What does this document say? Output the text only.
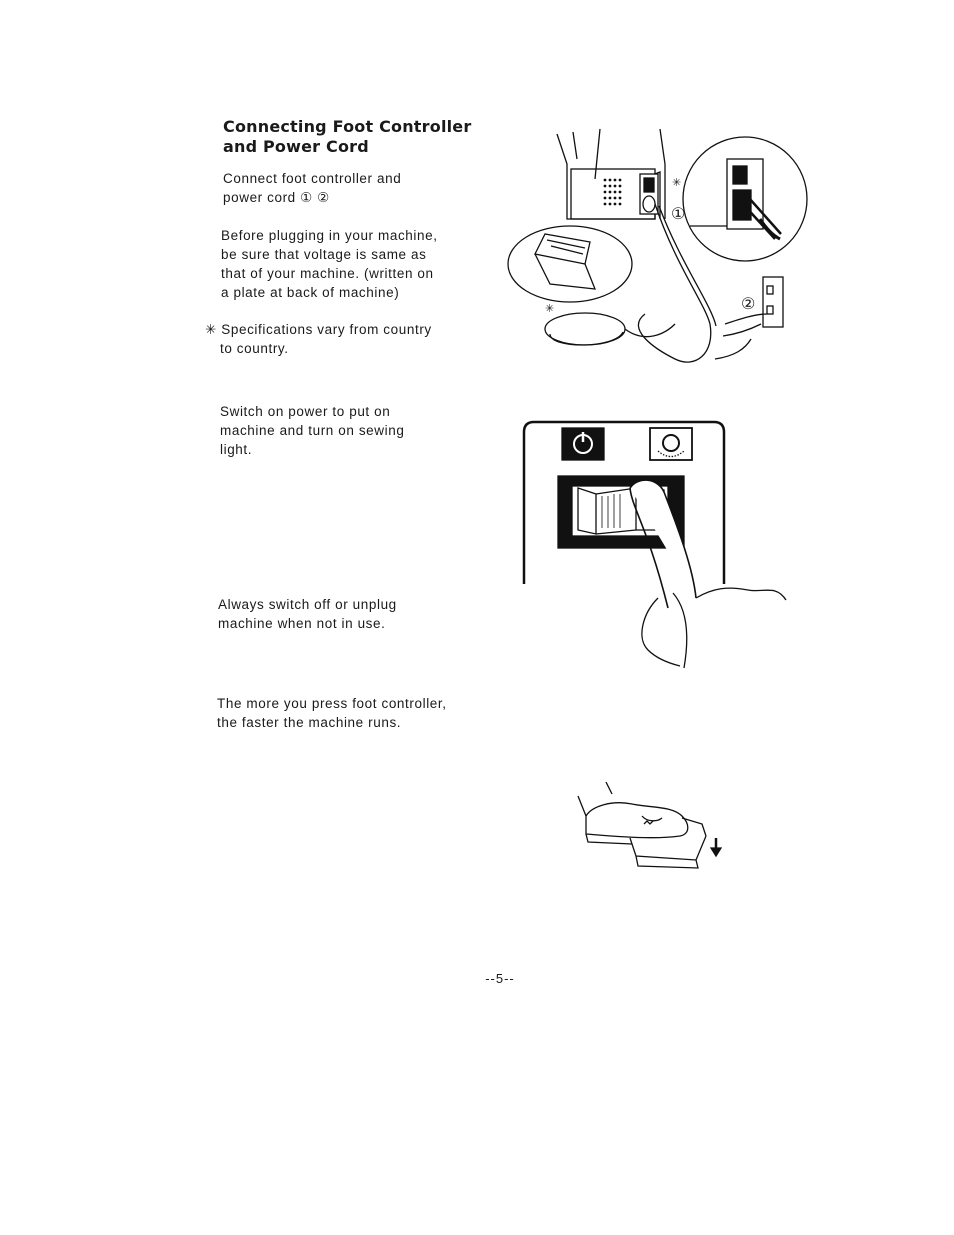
Connecting Foot Controller
and Power Cord
Connect foot controller and
power cord ① ②
Before plugging in your machine,
be sure that voltage is same as
that of your machine. (written on
a plate at back of machine)
✳ Specifications vary from country
to country.
Switch on power to put on
machine and turn on sewing
light.
Always switch off or unplug
machine when not in use.
The more you press foot controller,
the faster the machine runs.
①
②
✳
✳
--5--
